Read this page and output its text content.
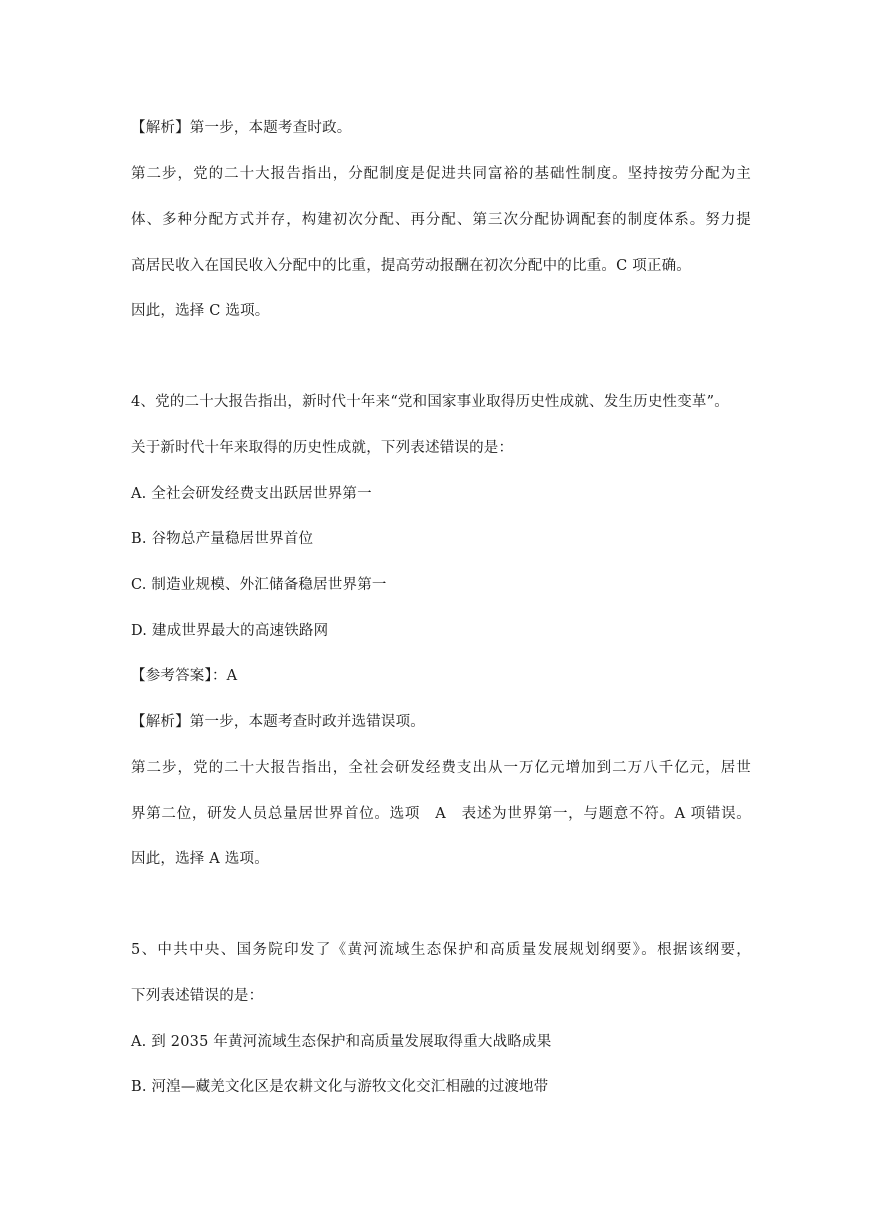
【解析】第一步，本题考查时政。
第二步，党的二十大报告指出，分配制度是促进共同富裕的基础性制度。坚持按劳分配为主
体、多种分配方式并存，构建初次分配、再分配、第三次分配协调配套的制度体系。努力提
高居民收入在国民收入分配中的比重，提高劳动报酬在初次分配中的比重。C 项正确。
因此，选择 C 选项。
4、党的二十大报告指出，新时代十年来“党和国家事业取得历史性成就、发生历史性变革”。
关于新时代十年来取得的历史性成就，下列表述错误的是：
A. 全社会研发经费支出跃居世界第一
B. 谷物总产量稳居世界首位
C. 制造业规模、外汇储备稳居世界第一
D. 建成世界最大的高速铁路网
【参考答案】：A
【解析】第一步，本题考查时政并选错误项。
第二步，党的二十大报告指出，全社会研发经费支出从一万亿元增加到二万八千亿元，居世
界第二位，研发人员总量居世界首位。选项　A　表述为世界第一，与题意不符。A 项错误。
因此，选择 A 选项。
5、中共中央、国务院印发了《黄河流域生态保护和高质量发展规划纲要》。根据该纲要，
下列表述错误的是：
A. 到 2035 年黄河流域生态保护和高质量发展取得重大战略成果
B. 河湟—藏羌文化区是农耕文化与游牧文化交汇相融的过渡地带
